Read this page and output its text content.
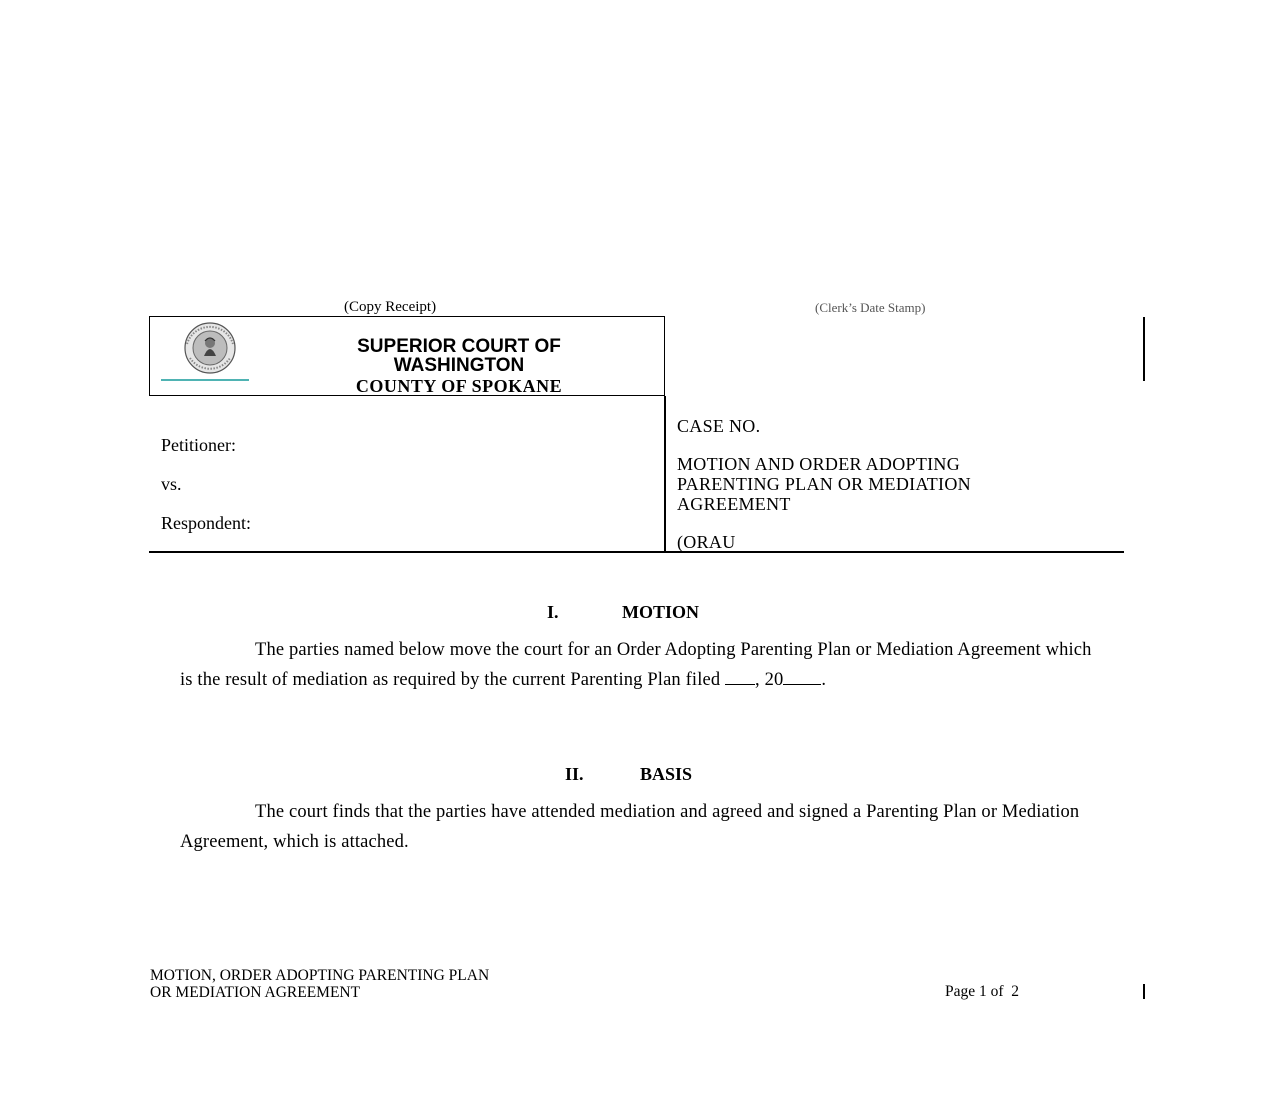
(Copy Receipt)	(Clerk’s Date Stamp)
SUPERIOR COURT OF
WASHINGTON
COUNTY OF SPOKANE
Petitioner:
vs.
Respondent:
CASE NO.
MOTION AND ORDER ADOPTING
PARENTING PLAN OR MEDIATION
AGREEMENT
(ORAU
I.	MOTION
The parties named below move the court for an Order Adopting Parenting Plan or Mediation Agreement which is the result of mediation as required by the current Parenting Plan filed , 20 .
II.	BASIS
The court finds that the parties have attended mediation and agreed and signed a Parenting Plan or Mediation Agreement, which is attached.
MOTION, ORDER ADOPTING PARENTING PLAN
OR MEDIATION AGREEMENT	Page 1 of  2
